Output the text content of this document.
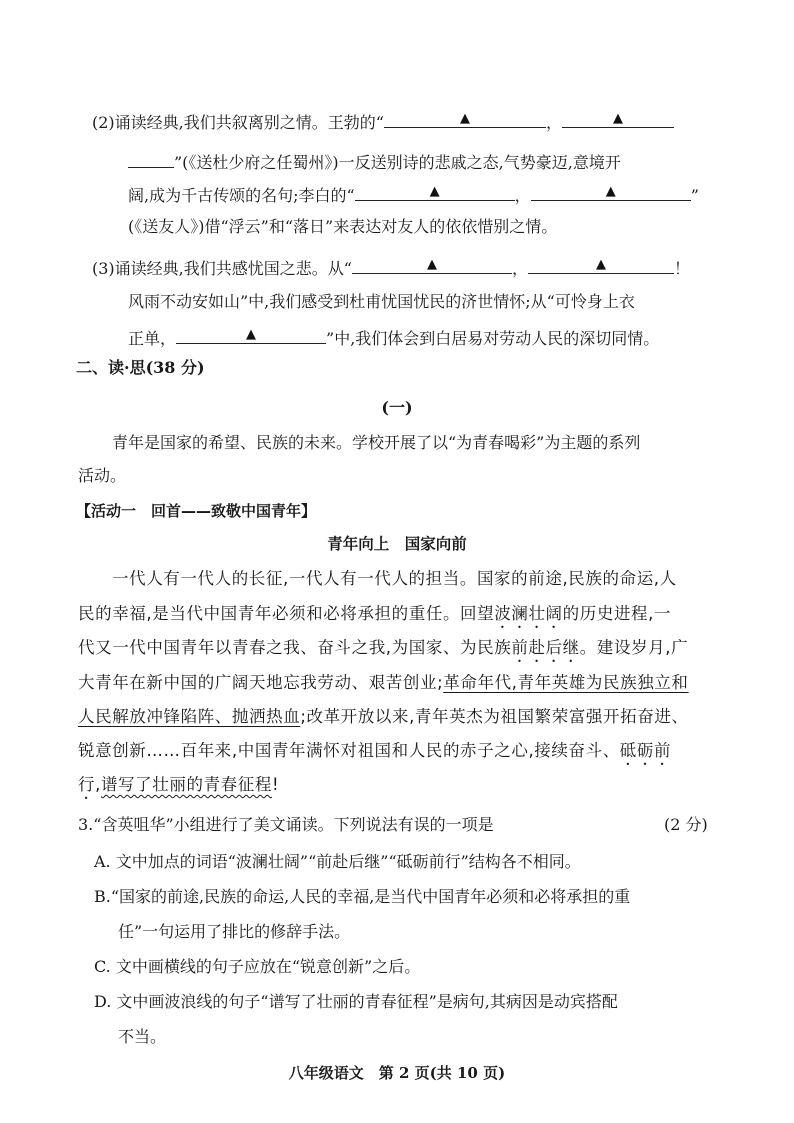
(2)诵读经典,我们共叙离别之情。王勃的“	▲	，	▲
”(《送杜少府之任蜀州》)一反送别诗的悲戚之态,气势豪迈,意境开
阔,成为千古传颂的名句;李白的“	▲	，	▲	”
(《送友人》)借“浮云”和“落日”来表达对友人的依依惜别之情。
(3)诵读经典,我们共感忧国之悲。从“	▲	，	▲	！
风雨不动安如山”中,我们感受到杜甫忧国忧民的济世情怀;从“可怜身上衣
正单，	▲	”中,我们体会到白居易对劳动人民的深切同情。
二、读·思(38 分)
(一)
青年是国家的希望、民族的未来。学校开展了以“为青春喝彩”为主题的系列
活动。
【活动一　回首——致敬中国青年】
青年向上　国家向前
一代人有一代人的长征,一代人有一代人的担当。国家的前途,民族的命运,人
民的幸福,是当代中国青年必须和必将承担的重任。回望波澜壮阔的历史进程,一
代又一代中国青年以青春之我、奋斗之我,为国家、为民族前赴后继。建设岁月,广
大青年在新中国的广阔天地忘我劳动、艰苦创业;革命年代,青年英雄为民族独立和
人民解放冲锋陷阵、抛洒热血;改革开放以来,青年英杰为祖国繁荣富强开拓奋进、
锐意创新……百年来,中国青年满怀对祖国和人民的赤子之心,接续奋斗、砥砺前
行,谱写了壮丽的青春征程!
3.“含英咀华”小组进行了美文诵读。下列说法有误的一项是	(2 分)
A. 文中加点的词语“波澜壮阔”“前赴后继”“砥砺前行”结构各不相同。
B.“国家的前途,民族的命运,人民的幸福,是当代中国青年必须和必将承担的重
任”一句运用了排比的修辞手法。
C. 文中画横线的句子应放在“锐意创新”之后。
D. 文中画波浪线的句子“谱写了壮丽的青春征程”是病句,其病因是动宾搭配
不当。
八年级语文　第 2 页(共 10 页)
